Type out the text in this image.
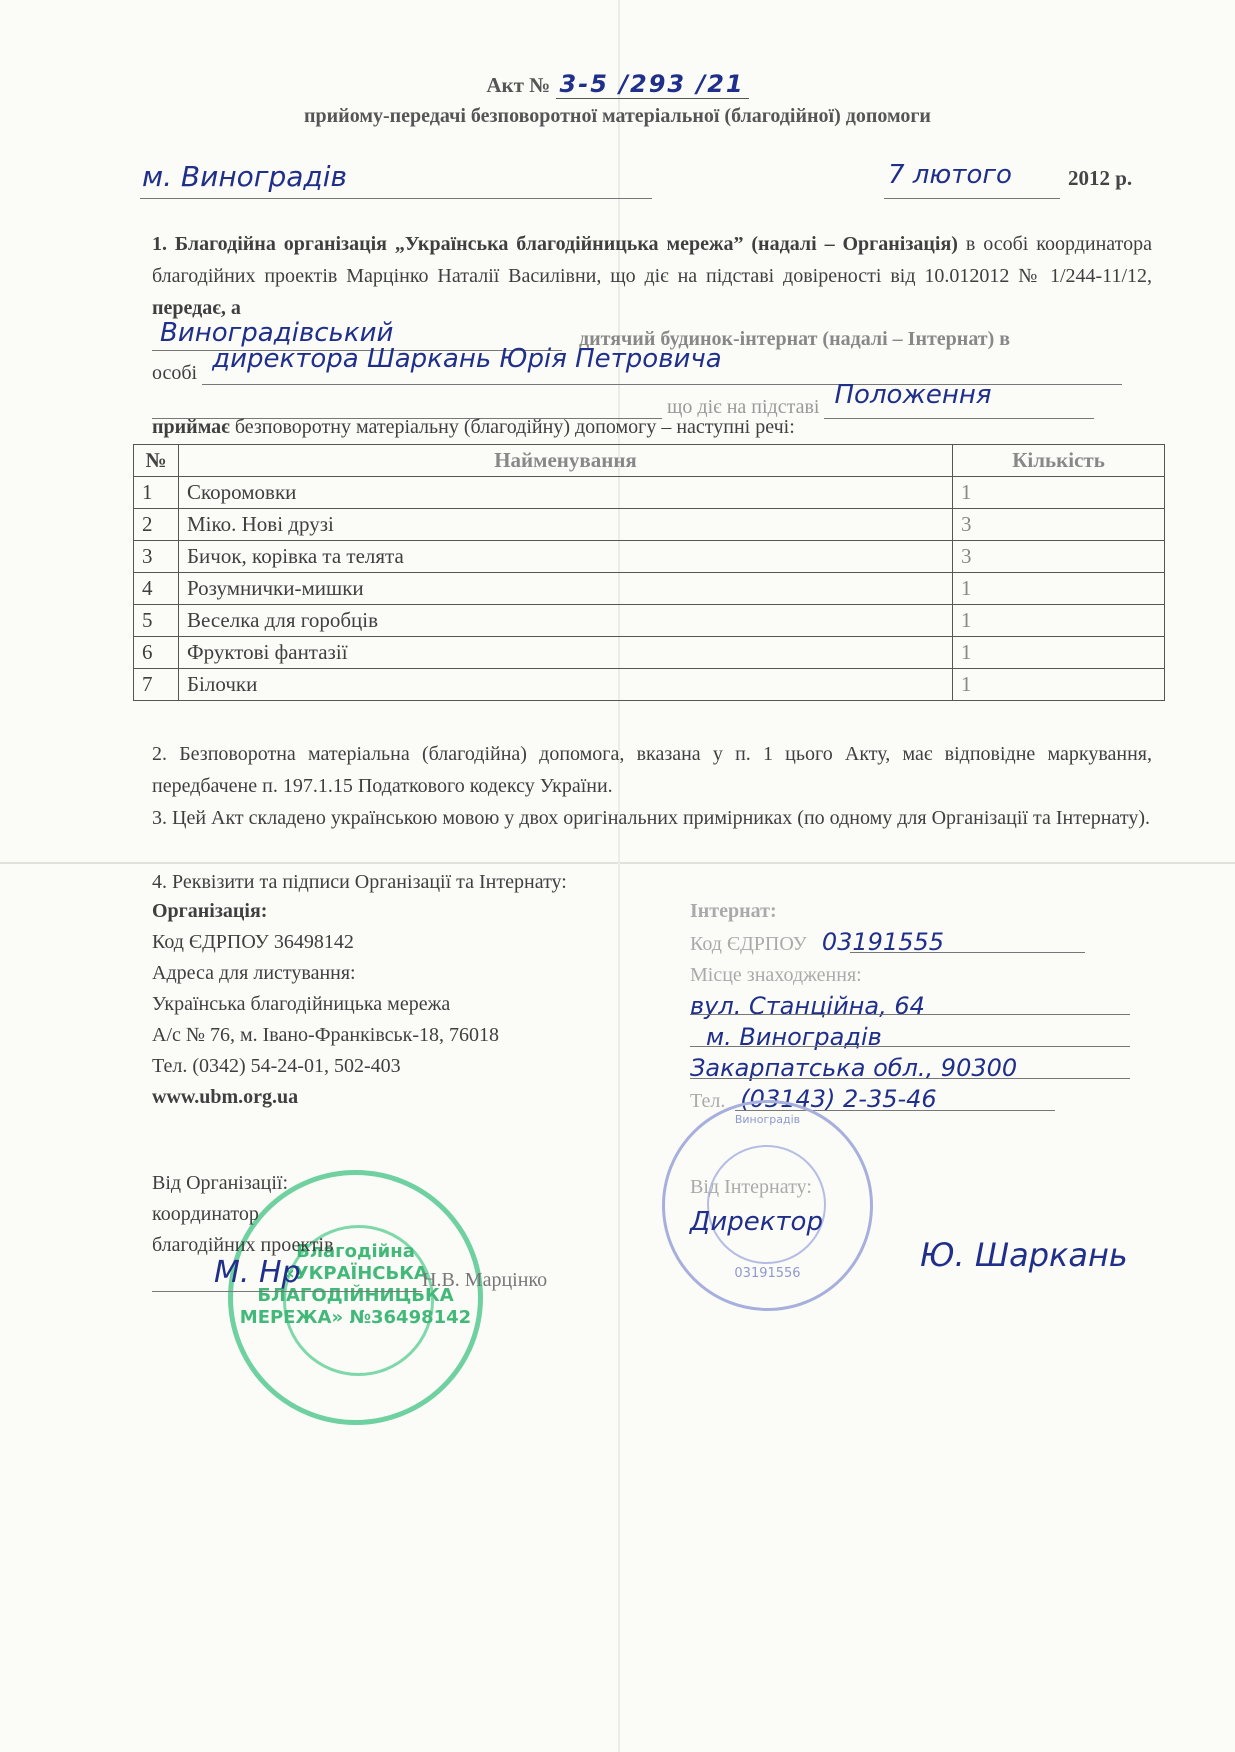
Акт № 3-5 /293 /21
прийому-передачі безповоротної матеріальної (благодійної) допомоги
м. Виноградів	7 лютого	2012 р.
1. Благодійна організація „Українська благодійницька мережа” (надалі – Організація) в особі координатора благодійних проектів Марцінко Наталії Василівни, що діє на підставі довіреності від 10.012012 № 1/244-11/12, передає, а
Виноградівський	дитячий будинок-інтернат (надалі – Інтернат) в
особі директора Шаркань Юрія Петровича
що діє на підставі Положення
приймає безповоротну матеріальну (благодійну) допомогу – наступні речі:
№	Найменування	Кількість
1	Скоромовки	1
2	Міко. Нові друзі	3
3	Бичок, корівка та телята	3
4	Розумнички-мишки	1
5	Веселка для горобців	1
6	Фруктові фантазії	1
7	Білочки	1
2. Безповоротна матеріальна (благодійна) допомога, вказана у п. 1 цього Акту, має відповідне маркування, передбачене п. 197.1.15 Податкового кодексу України.
3. Цей Акт складено українською мовою у двох оригінальних примірниках (по одному для Організації та Інтернату).
4. Реквізити та підписи Організації та Інтернату:
Організація:
Код ЄДРПОУ 36498142
Адреса для листування:
Українська благодійницька мережа
А/с № 76, м. Івано-Франківськ-18, 76018
Тел. (0342) 54-24-01, 502-403
www.ubm.org.ua
Інтернат:
Код ЄДРПОУ 03191555
Місце знаходження:
вул. Станційна, 64
м. Виноградів
Закарпатська обл., 90300
Тел. (03143) 2-35-46
Благодійна «УКРАЇНСЬКА БЛАГОДІЙНИЦЬКА МЕРЕЖА» №36498142
Виноградів
03191556
Від Організації:
координатор
благодійних проектів
М. Нр	Н.В. Марцінко
Від Інтернату:
Директор
Ю. Шаркань
